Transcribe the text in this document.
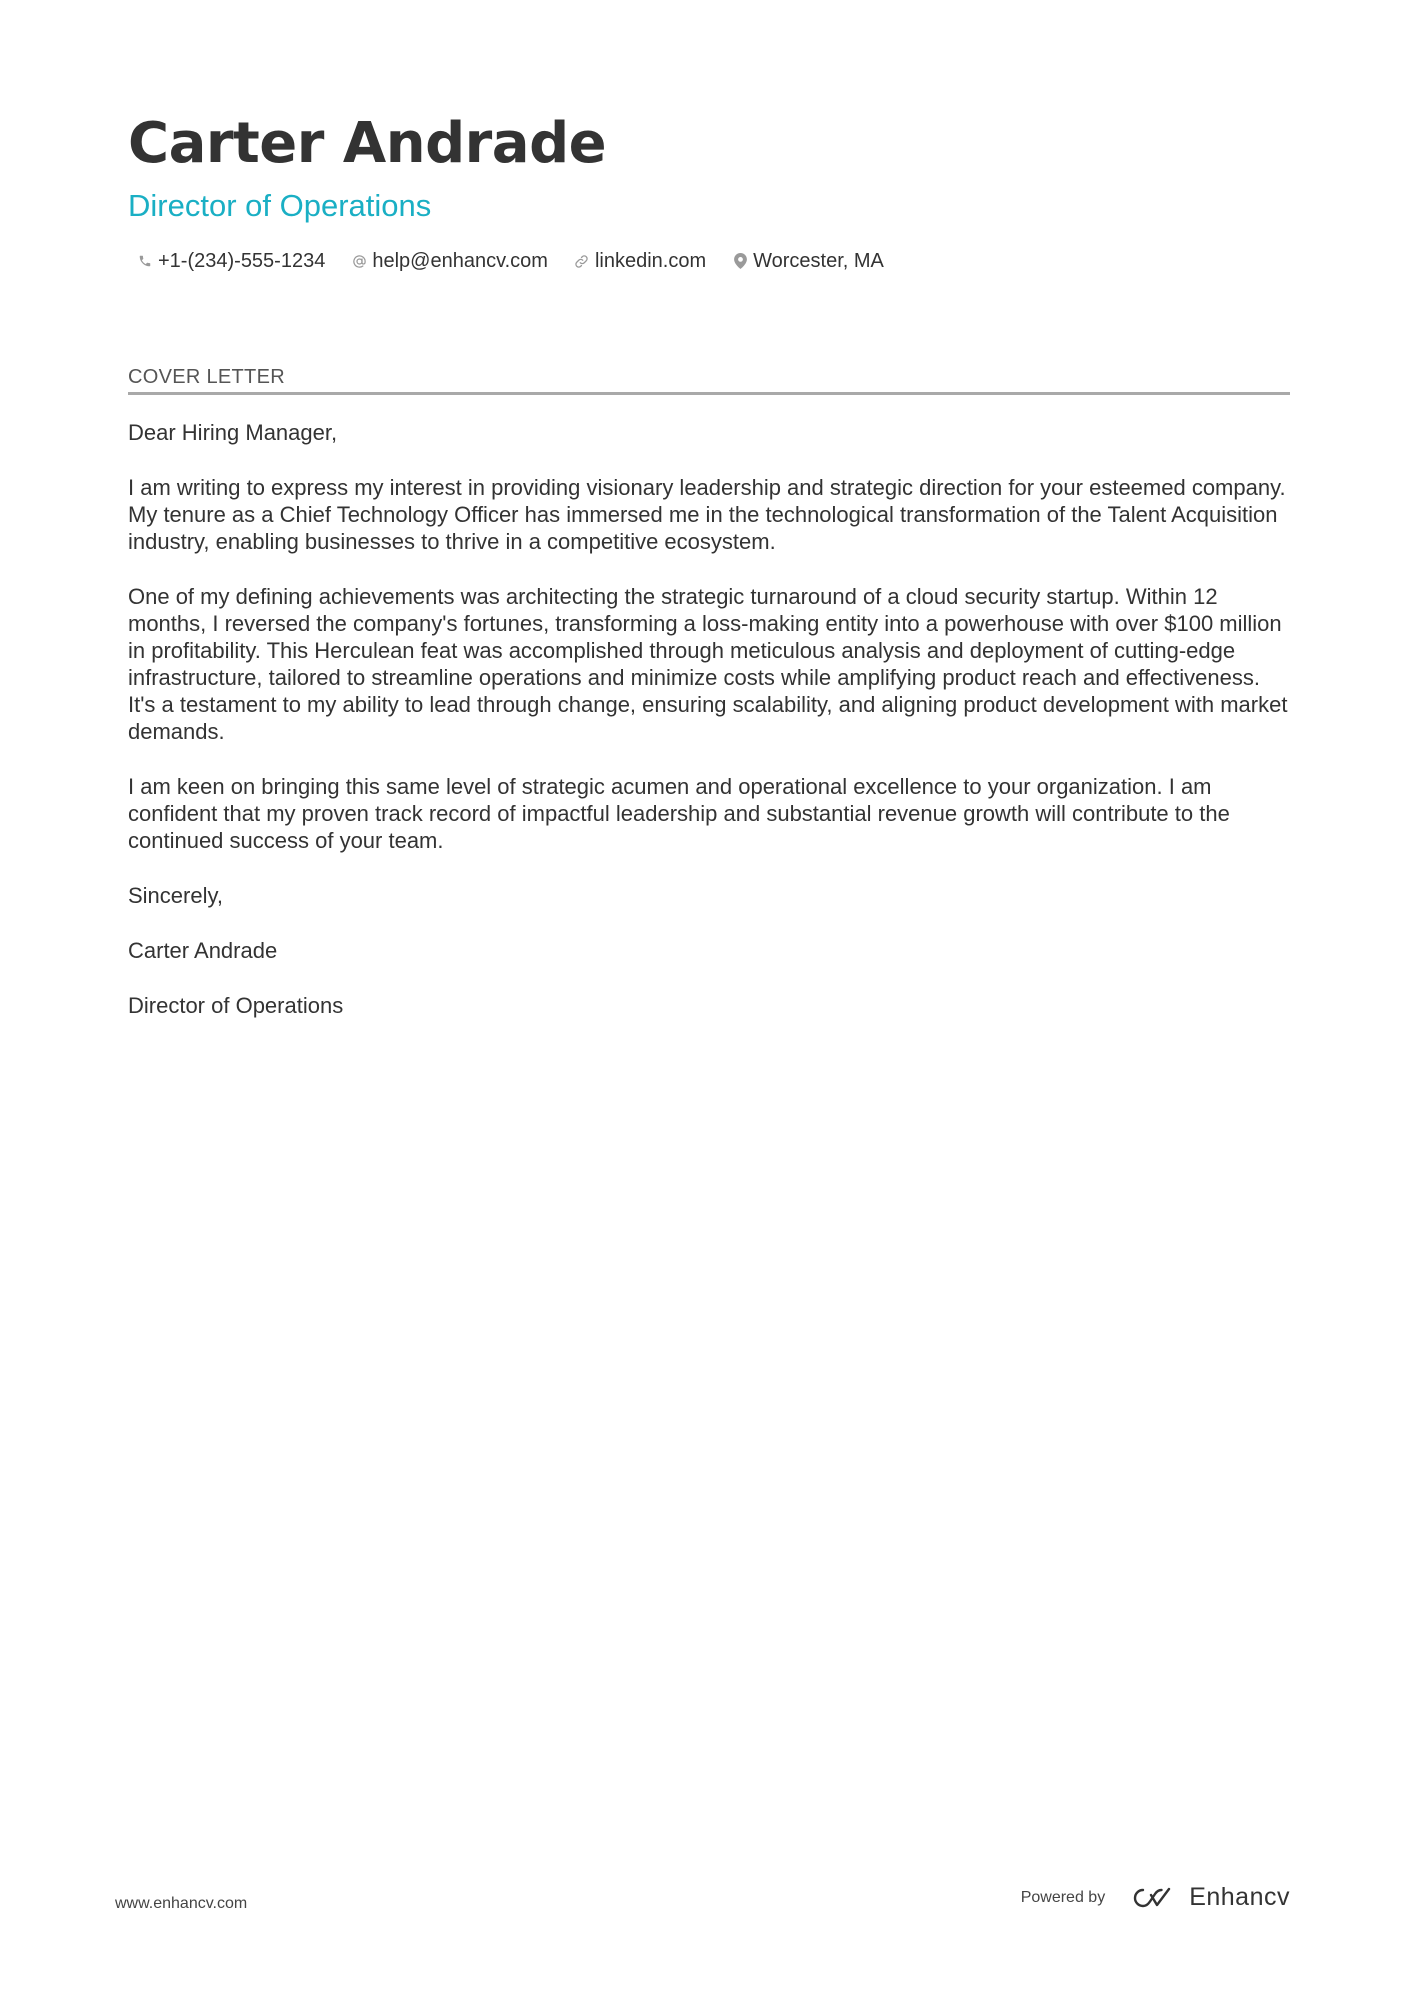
Carter Andrade
Director of Operations
+1-(234)-555-1234 help@enhancv.com linkedin.com Worcester, MA
COVER LETTER

Dear Hiring Manager,

I am writing to express my interest in providing visionary leadership and strategic direction for your esteemed company. My tenure as a Chief Technology Officer has immersed me in the technological transformation of the Talent Acquisition industry, enabling businesses to thrive in a competitive ecosystem.

One of my defining achievements was architecting the strategic turnaround of a cloud security startup. Within 12 months, I reversed the company's fortunes, transforming a loss-making entity into a powerhouse with over $100 million in profitability. This Herculean feat was accomplished through meticulous analysis and deployment of cutting-edge infrastructure, tailored to streamline operations and minimize costs while amplifying product reach and effectiveness. It's a testament to my ability to lead through change, ensuring scalability, and aligning product development with market demands.

I am keen on bringing this same level of strategic acumen and operational excellence to your organization. I am confident that my proven track record of impactful leadership and substantial revenue growth will contribute to the continued success of your team.

Sincerely,

Carter Andrade

Director of Operations

www.enhancv.com	Powered by	Enhancv
